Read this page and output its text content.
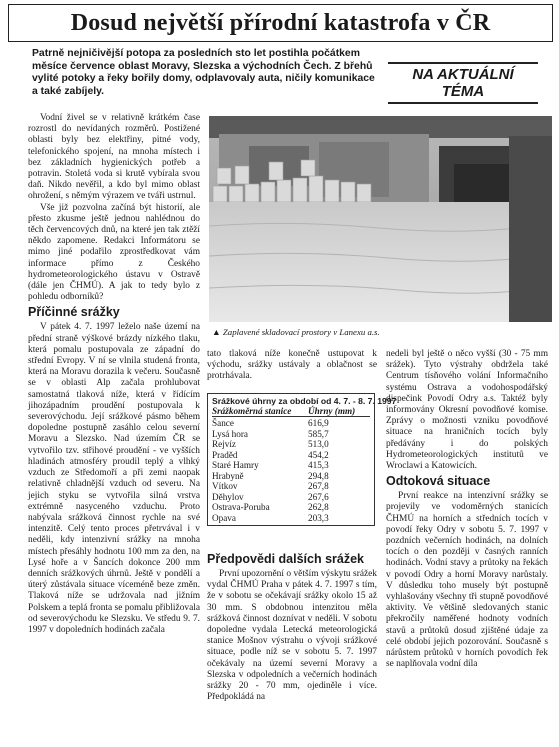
Dosud největší přírodní katastrofa v ČR
Patrně nejničivější potopa za posledních sto let postihla počátkem měsíce července oblast Moravy, Slezska a východních Čech. Z břehů vylité potoky a řeky bořily domy, odplavovaly auta, ničily komunikace a také zabíjely.
NA AKTUÁLNÍ
TÉMA

Vodní živel se v relativně krátkém čase rozrostl do nevídaných rozměrů. Postižené oblasti byly bez elektřiny, pitné vody, telefonického spojení, na mnoha místech i bez základních hygienických potřeb a potravin. Stoletá voda si krutě vybírala svou daň. Nikdo nevěřil, a kdo byl mimo oblast ohrožení, s němým výrazem ve tváři ustrnul.

Vše již pozvolna začíná být historií, ale přesto zkusme ještě jednou nahlédnou do těch červencových dnů, na které jen tak ztěží někdo zapomene. Redakci Informátoru se mimo jiné podařilo zprostředkovat vám informace přímo z Českého hydrometeorologického ústavu v Ostravě (dále jen ČHMÚ). A jak to tedy bylo z pohledu odborníků?

Příčinné srážky

V pátek 4. 7. 1997 leželo naše území na přední straně výškové brázdy nízkého tlaku, která pomalu postupovala ze západní do střední Evropy. V ní se vlnila studená fronta, která na Moravu dorazila k večeru. Současně se v oblasti Alp začala prohlubovat samostatná tlaková níže, která v řídícím jihozápadním proudění postupovala k severovýchodu. Její srážkové pásmo během dopoledne postupně zasáhlo celou severní Moravu a Slezsko. Nad územím ČR se vytvořilo tzv. střihové proudění - ve vyšších hladinách atmosféry proudil teplý a vlhký vzduch ze Středomoří a při zemi naopak relativně chladnější vzduch od severu. Na jejich styku se vytvořila silná vrstva extrémně nasyceného vzduchu. Proto nabývala srážková činnost rychle na své intenzitě. Celý tento proces přetrvával i v neděli, kdy intenzivní srážky na mnoha místech přesáhly hodnotu 100 mm za den, na Lysé hoře a v Šancích dokonce 200 mm denních srážkových úhrnů. Ještě v pondělí a úterý zůstávala situace víceméně beze změn. Tlaková níže se udržovala nad jižním Polskem a teplá fronta se pomalu přibližovala od severovýchodu ke Slezsku. Ve středu 9. 7. 1997 v dopoledních hodinách začala

▲ Zaplavené skladovací prostory v Lanexu a.s.

tato tlaková níže konečně ustupovat k východu, srážky ustávaly a oblačnost se protrhávala.

Srážkové úhrny za období od 4. 7. - 8. 7. 1997
Srážkoměrná stanice	Úhrny (mm)
Šance	616,9
Lysá hora	585,7
Rejvíz	513,0
Praděd	454,2
Staré Hamry	415,3
Hrabyně	294,8
Vítkov	267,8
Děhylov	267,6
Ostrava-Poruba	262,8
Opava	203,3

Předpovědi dalších srážek

První upozornění o větším výskytu srážek vydal ČHMÚ Praha v pátek 4. 7. 1997 s tím, že v sobotu se očekávají srážky okolo 15 až 30 mm. S obdobnou intenzitou měla srážková činnost doznívat v neděli. V sobotu dopoledne vydala Letecká meteorologická stanice Mošnov výstrahu o vývoji srážkové situace, podle níž se v sobotu 5. 7. 1997 očekávaly na území severní Moravy a Slezska v odpoledních a večerních hodinách srážky 20 - 70 mm, ojediněle i více. Předpokládá na

nedeli byl ještě o něco vyšší (30 - 75 mm srážek). Tyto výstrahy obdržela také Centrum tísňového volání Informačního systému Ostrava a vodohospodářský dispečink Povodí Odry a.s. Taktéž byly informovány Okresní povodňové komise. Zprávy o možnosti vzniku povodňové situace na hraničních tocích byly předávány i do polských Hydrometeorologických institutů ve Wroclawi a Katowicích.

Odtoková situace

První reakce na intenzivní srážky se projevily ve vodoměrných stanicích ČHMÚ na horních a středních tocích v povodí řeky Odry v sobotu 5. 7. 1997 v pozdních večerních hodinách, na dolních tocích o den později v časných ranních hodinách. Vodní stavy a průtoky na řekách v povodí Odry a horní Moravy narůstaly. V důsledku toho musely být postupně vyhlašovány všechny tři stupně povodňové aktivity. Ve většině sledovaných stanic překročily naměřené hodnoty vodních stavů a průtoků dosud zjištěné údaje za celé období jejich pozorování. Současně s nárůstem průtoků v horních povodích řek se naplňovala vodní díla
